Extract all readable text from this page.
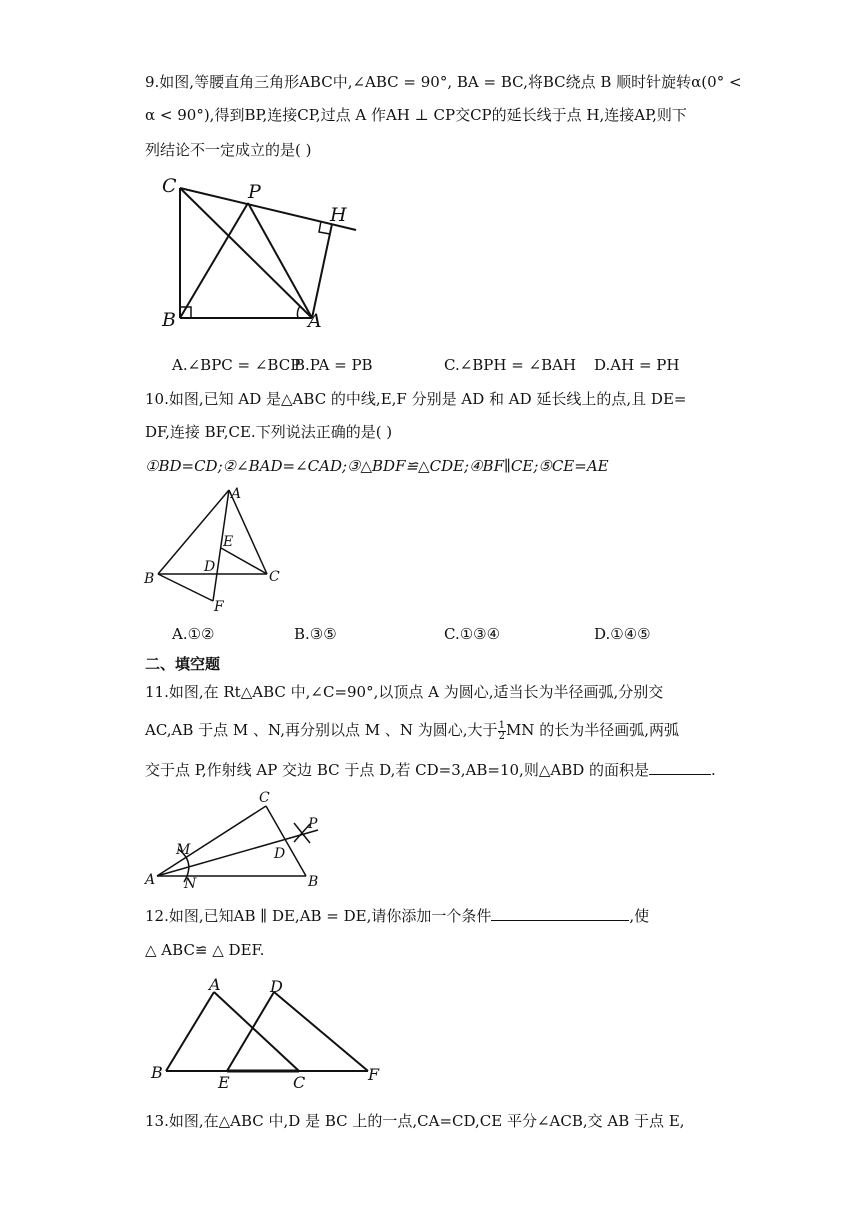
9.如图,等腰直角三角形ABC中,∠ABC = 90°, BA = BC,将BC绕点 B 顺时针旋转α(0° <
α < 90°),得到BP,连接CP,过点 A 作AH ⊥ CP交CP的延长线于点 H,连接AP,则下
列结论不一定成立的是( )
C	P
H
B	A
A.∠BPC = ∠BCP
B.PA = PB	C.∠BPH = ∠BAH D.AH = PH
10.如图,已知 AD 是△ABC 的中线,E,F 分别是 AD 和 AD 延长线上的点,且 DE=
DF,连接 BF,CE.下列说法正确的是( )
①BD=CD;②∠BAD=∠CAD;③△BDF≌△CDE;④BF∥CE;⑤CE=AE
A
E
D
B	C
F
A.①②	B.③⑤	C.①③④	D.①④⑤
二、填空题
11.如图,在 Rt△ABC 中,∠C=90°,以顶点 A 为圆心,适当长为半径画弧,分别交
AC,AB 于点 M 、N,再分别以点 M 、N 为圆心,大于 $\frac{1}{2}$ MN 的长为半径画弧,两弧
交于点 P,作射线 AP 交边 BC 于点 D,若 CD=3,AB=10,则△ABD 的面积是	.
C
P
M	D
A N	B
12.如图,已知AB ∥ DE,AB = DE,请你添加一个条件	,使
△ ABC≌ △ DEF.
A	D
B
E	C	F
13.如图,在△ABC 中,D 是 BC 上的一点,CA=CD,CE 平分∠ACB,交 AB 于点 E,
